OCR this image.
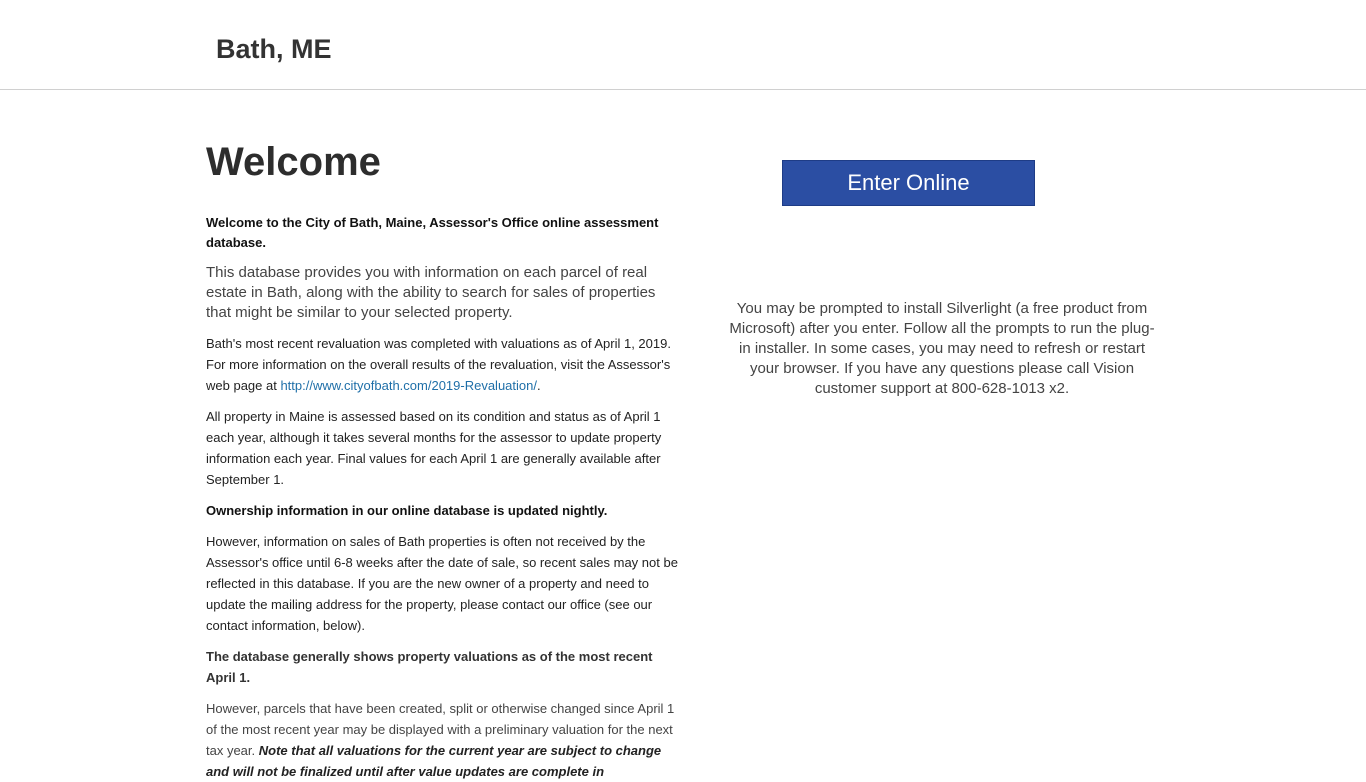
Bath, ME
Welcome

Welcome to the City of Bath, Maine, Assessor's Office online assessment database.

This database provides you with information on each parcel of real estate in Bath, along with the ability to search for sales of properties that might be similar to your selected property.

Bath's most recent revaluation was completed with valuations as of April 1, 2019. For more information on the overall results of the revaluation, visit the Assessor's web page at http://www.cityofbath.com/2019-Revaluation/.

All property in Maine is assessed based on its condition and status as of April 1 each year, although it takes several months for the assessor to update property information each year. Final values for each April 1 are generally available after September 1.

Ownership information in our online database is updated nightly.

However, information on sales of Bath properties is often not received by the Assessor's office until 6-8 weeks after the date of sale, so recent sales may not be reflected in this database. If you are the new owner of a property and need to update the mailing address for the property, please contact our office (see our contact information, below).

The database generally shows property valuations as of the most recent April 1.

However, parcels that have been created, split or otherwise changed since April 1 of the most recent year may be displayed with a preliminary valuation for the next tax year. Note that all valuations for the current year are subject to change and will not be finalized until after value updates are complete in

Enter Online Database

You may be prompted to install Silverlight (a free product from Microsoft) after you enter. Follow all the prompts to run the plug-in installer. In some cases, you may need to refresh or restart your browser. If you have any questions please call Vision customer support at 800-628-1013 x2.
